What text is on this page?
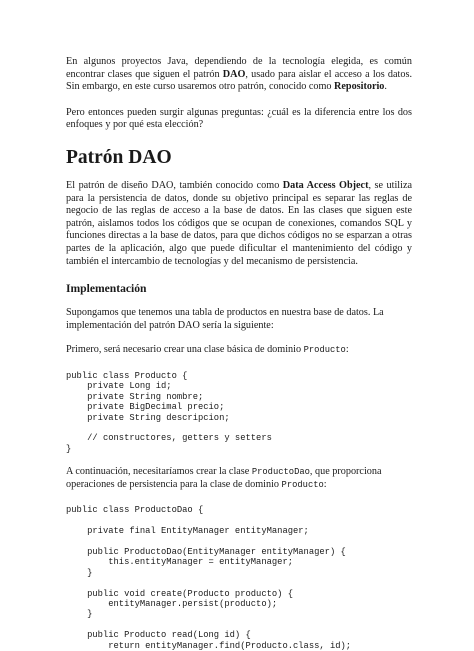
En algunos proyectos Java, dependiendo de la tecnología elegida, es común encontrar clases que siguen el patrón DAO, usado para aislar el acceso a los datos. Sin embargo, en este curso usaremos otro patrón, conocido como Repositorio.

Pero entonces pueden surgir algunas preguntas: ¿cuál es la diferencia entre los dos enfoques y por qué esta elección?

Patrón DAO

El patrón de diseño DAO, también conocido como Data Access Object, se utiliza para la persistencia de datos, donde su objetivo principal es separar las reglas de negocio de las reglas de acceso a la base de datos. En las clases que siguen este patrón, aislamos todos los códigos que se ocupan de conexiones, comandos SQL y funciones directas a la base de datos, para que dichos códigos no se esparzan a otras partes de la aplicación, algo que puede dificultar el mantenimiento del código y también el intercambio de tecnologías y del mecanismo de persistencia.

Implementación

Supongamos que tenemos una tabla de productos en nuestra base de datos. La implementación del patrón DAO sería la siguiente:

Primero, será necesario crear una clase básica de dominio Producto:

public class Producto {
private Long id;
private String nombre;
private BigDecimal precio;
private String descripcion;

// constructores, getters y setters
}

A continuación, necesitaríamos crear la clase ProductoDao, que proporciona operaciones de persistencia para la clase de dominio Producto:

public class ProductoDao {

private final EntityManager entityManager;

public ProductoDao(EntityManager entityManager) {
this.entityManager = entityManager;
}

public void create(Producto producto) {
entityManager.persist(producto);
}

public Producto read(Long id) {
return entityManager.find(Producto.class, id);
